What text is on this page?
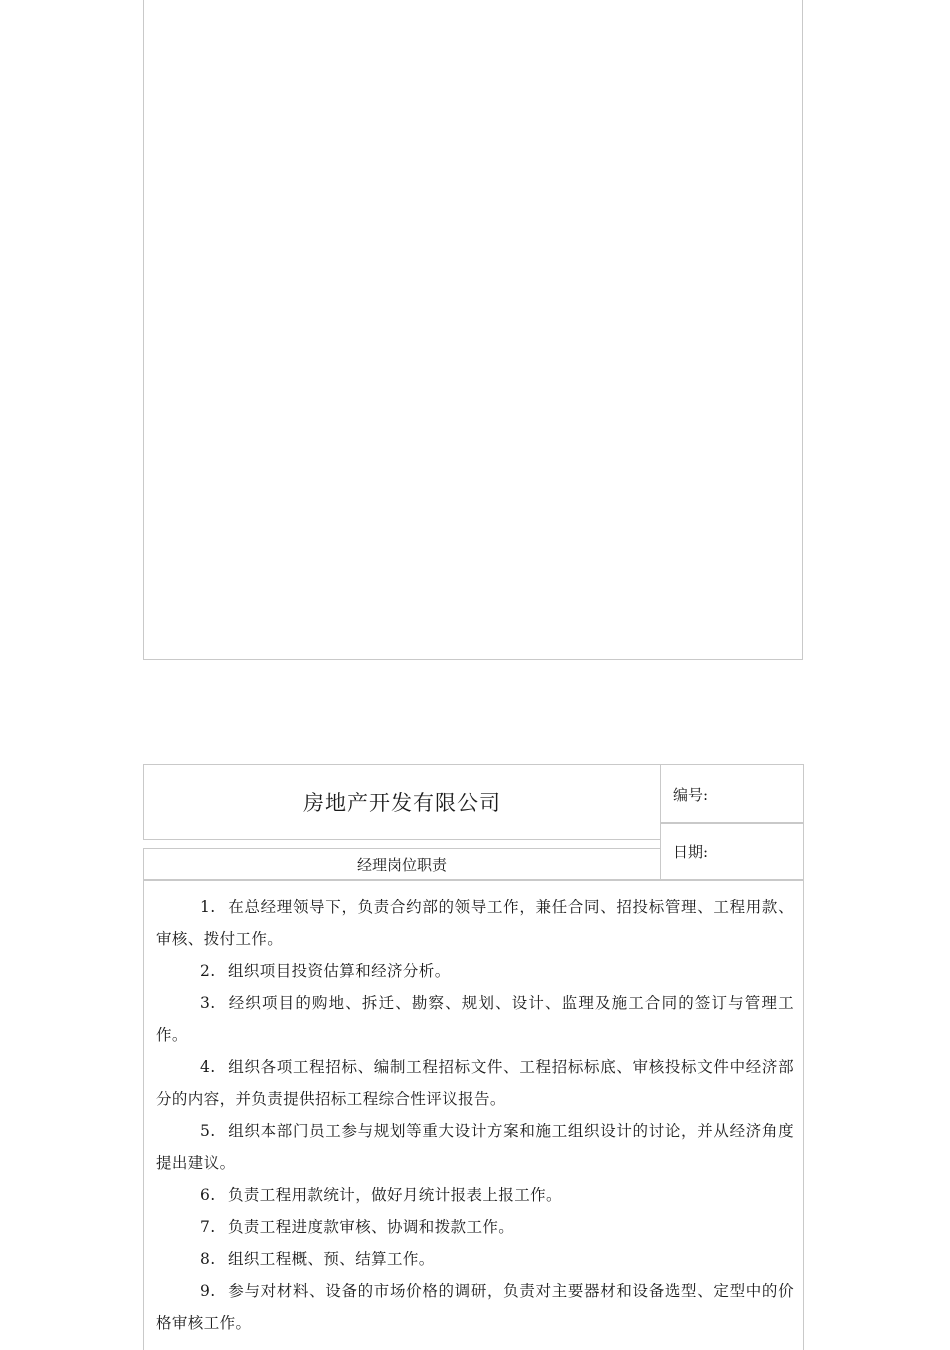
房地产开发有限公司
经理岗位职责
编号:
日期:

1. 在总经理领导下，负责合约部的领导工作，兼任合同、招投标管理、工程用款、审核、拨付工作。

2. 组织项目投资估算和经济分析。

3. 经织项目的购地、拆迁、勘察、规划、设计、监理及施工合同的签订与管理工作。

4. 组织各项工程招标、编制工程招标文件、工程招标标底、审核投标文件中经济部分的内容，并负责提供招标工程综合性评议报告。

5. 组织本部门员工参与规划等重大设计方案和施工组织设计的讨论，并从经济角度提出建议。

6. 负责工程用款统计，做好月统计报表上报工作。

7. 负责工程进度款审核、协调和拨款工作。

8. 组织工程概、预、结算工作。

9. 参与对材料、设备的市场价格的调研，负责对主要器材和设备选型、定型中的价格审核工作。
